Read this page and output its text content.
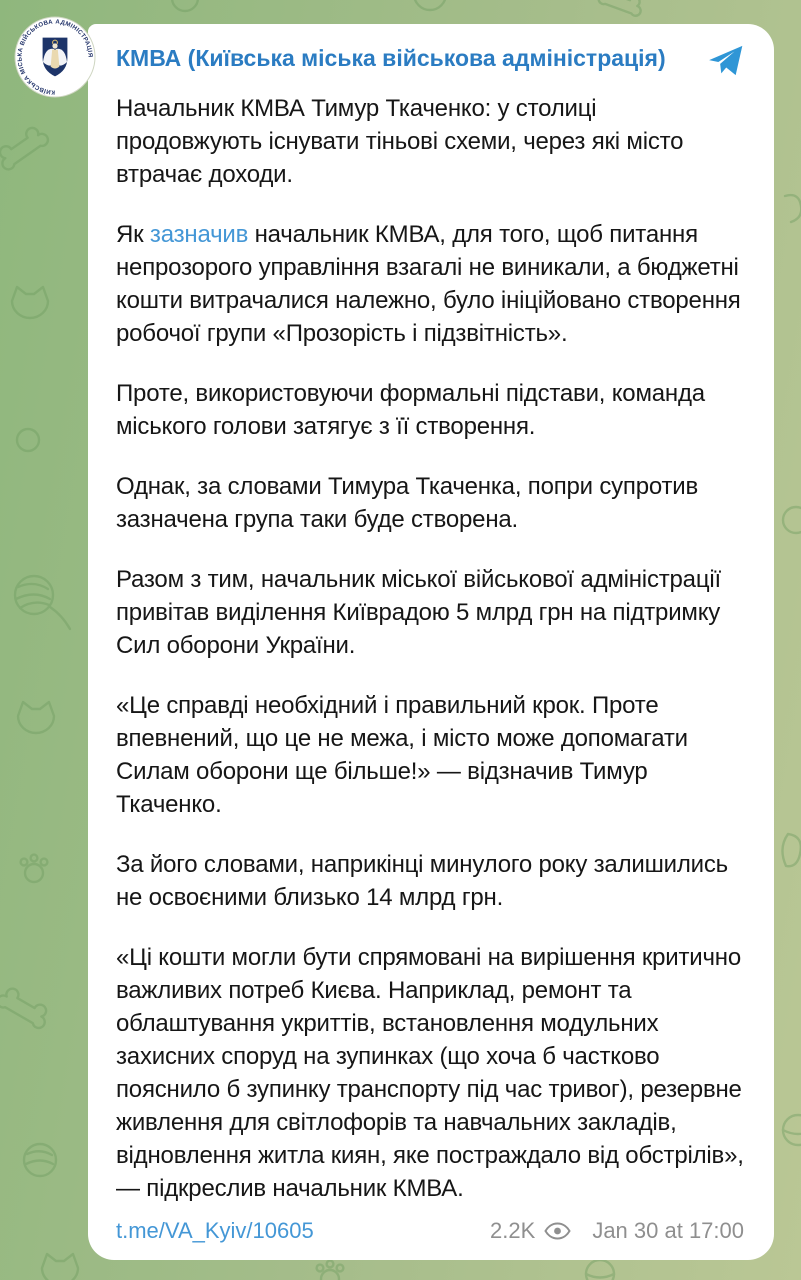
КИЇВСЬКА МІСЬКА ВІЙСЬКОВА АДМІНІСТРАЦІЯ КМВА (Київська міська військова адміністрація)

Начальник КМВА Тимур Ткаченко: у столиці продовжують існувати тіньові схеми, через які місто втрачає доходи.

Як зазначив начальник КМВА, для того, щоб питання непрозорого управління взагалі не виникали, а бюджетні кошти витрачалися належно, було ініційовано створення робочої групи «Прозорість і підзвітність».

Проте, використовуючи формальні підстави, команда міського голови затягує з її створення.

Однак, за словами Тимура Ткаченка, попри супротив зазначена група таки буде створена.

Разом з тим, начальник міської військової адміністрації привітав виділення Київрадою 5 млрд грн на підтримку Сил оборони України.

«Це справді необхідний і правильний крок. Проте впевнений, що це не межа, і місто може допомагати Силам оборони ще більше!» — відзначив Тимур Ткаченко.

За його словами, наприкінці минулого року залишились не освоєними близько 14 млрд грн.

«Ці кошти могли бути спрямовані на вирішення критично важливих потреб Києва. Наприклад, ремонт та облаштування укриттів, встановлення модульних захисних споруд на зупинках (що хоча б частково пояснило б зупинку транспорту під час тривог), резервне живлення для світлофорів та навчальних закладів, відновлення житла киян, яке постраждало від обстрілів», — підкреслив начальник КМВА.

t.me/VA_Kyiv/10605	2.2K	Jan 30 at 17:00
